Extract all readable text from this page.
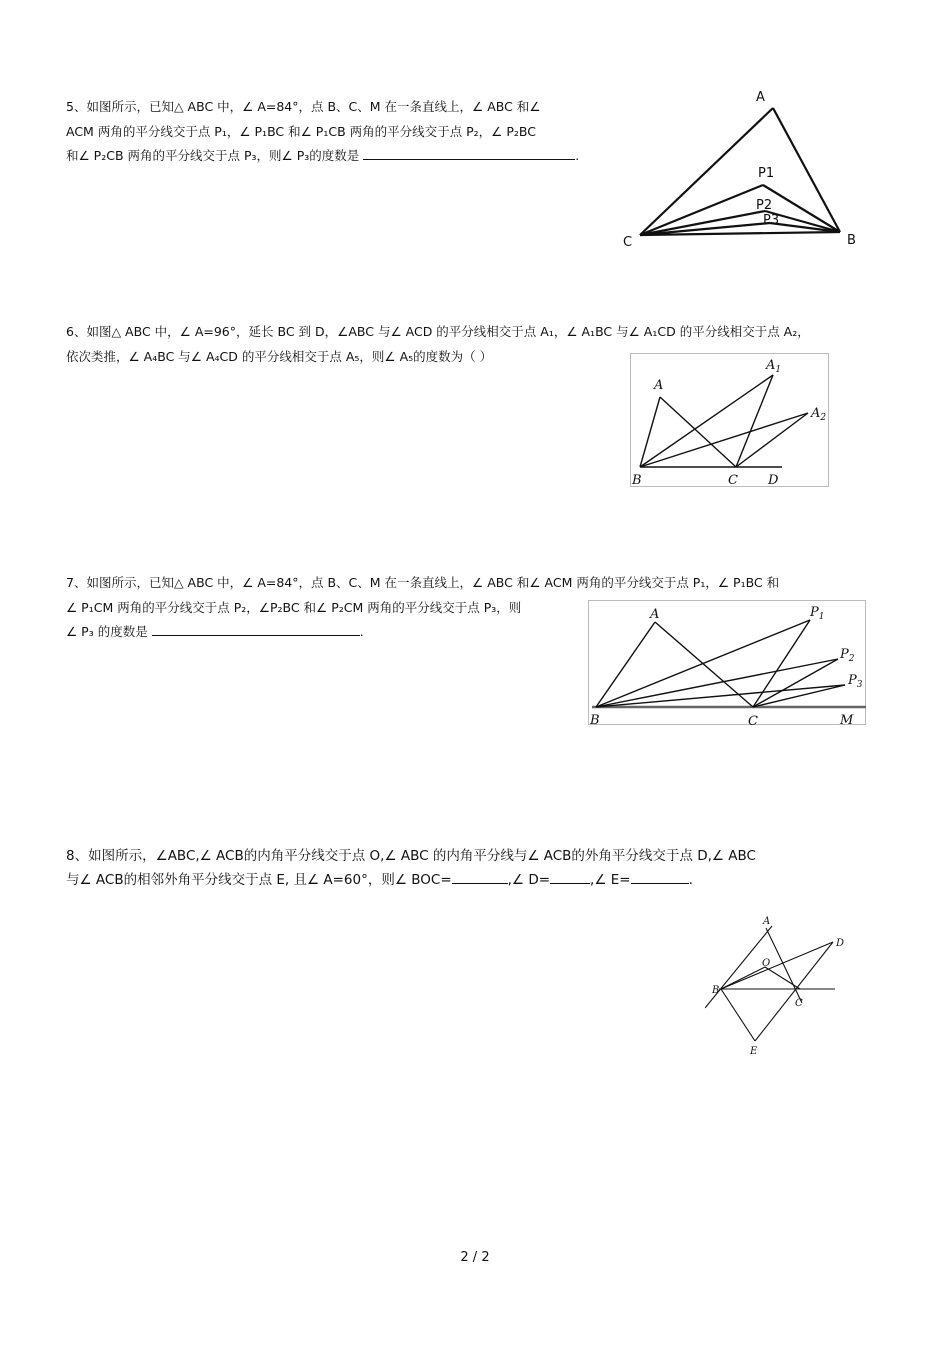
5、如图所示，已知△ ABC 中，∠ A=84°，点 B、C、M 在一条直线上，∠ ABC 和∠
ACM 两角的平分线交于点 P₁，∠ P₁BC 和∠ P₁CB 两角的平分线交于点 P₂，∠ P₂BC
和∠ P₂CB 两角的平分线交于点 P₃，则∠ P₃的度数是	.
A
P1
P2
P3
C	B
6、如图△ ABC 中，∠ A=96°，延长 BC 到 D，∠ABC 与∠ ACD 的平分线相交于点 A₁，∠ A₁BC 与∠ A₁CD 的平分线相交于点 A₂，
依次类推，∠ A₄BC 与∠ A₄CD 的平分线相交于点 A₅，则∠ A₅的度数为（ ）
A
$A_1$
$A_2$
B	C D
7、如图所示，已知△ ABC 中，∠ A=84°，点 B、C、M 在一条直线上，∠ ABC 和∠ ACM 两角的平分线交于点 P₁，∠ P₁BC 和
∠ P₁CM 两角的平分线交于点 P₂，∠P₂BC 和∠ P₂CM 两角的平分线交于点 P₃，则
∠ P₃ 的度数是	.
A	$P_1$
$P_2$
$P_3$
B	C	M
8、如图所示，∠ABC,∠ ACB的内角平分线交于点 O,∠ ABC 的内角平分线与∠ ACB的外角平分线交于点 D,∠ ABC
与∠ ACB的相邻外角平分线交于点 E, 且∠ A=60°，则∠ BOC=	,∠ D=	,∠ E=	.
A
D
O
B
C
E
2 / 2
